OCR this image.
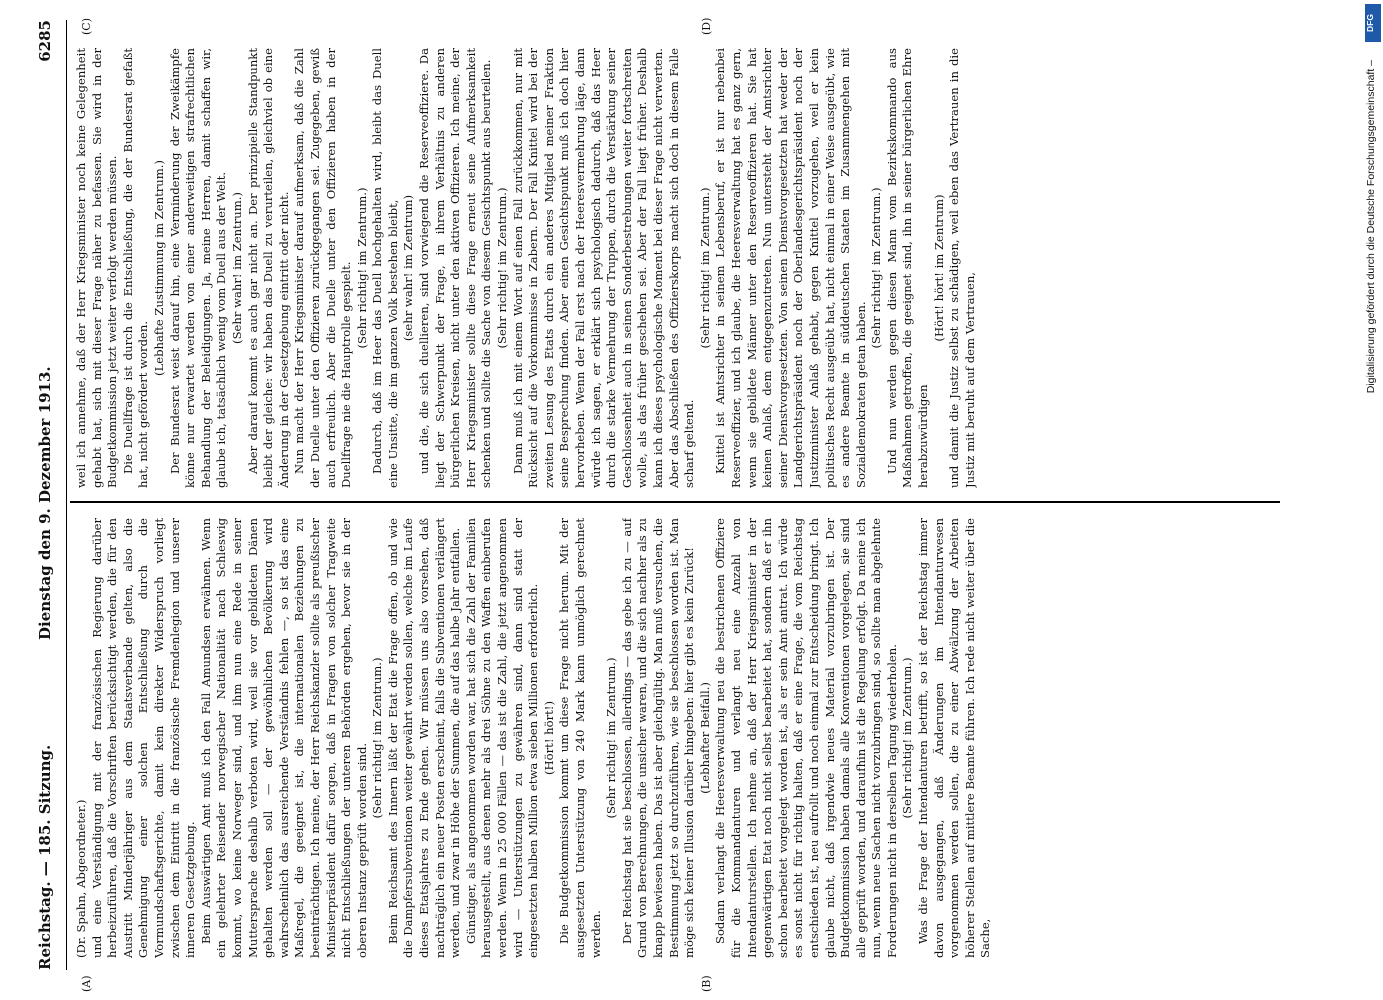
Reichstag. — 185. Sitzung.
Dienstag den 9. Dezember 1913.
6285
(A)	(B)
(C)	(D)

(Dr. Spahn, Abgeordneter.) und eine Verständigung mit der französischen Regierung darüber herbeizuführen, daß die Vorschriften berücksichtigt werden, die für den Austritt Minderjähriger aus dem Staatsverbande gelten, also die Genehmigung einer solchen Entschließung durch die Vormundschaftsgerichte, damit kein direkter Widerspruch vorliegt zwischen dem Eintritt in die französische Fremdenlegion und unserer inneren Gesetzgebung. Beim Auswärtigen Amt muß ich den Fall Amundsen erwähnen. Wenn ein gelehrter Reisender norwegischer Nationalität nach Schleswig kommt, wo keine Norweger sind, und ihm nun eine Rede in seiner Muttersprache deshalb verboten wird, weil sie vor gebildeten Dänen gehalten werden soll — der gewöhnlichen Bevölkerung wird wahrscheinlich das ausreichende Verständnis fehlen —, so ist das eine Maßregel, die geeignet ist, die internationalen Beziehungen zu beeinträchtigen. Ich meine, der Herr Reichskanzler sollte als preußischer Ministerpräsident dafür sorgen, daß in Fragen von solcher Tragweite nicht Entschließungen der unteren Behörden ergehen, bevor sie in der oberen Instanz geprüft worden sind.

(Sehr richtig! im Zentrum.) Beim Reichsamt des Innern läßt der Etat die Frage offen, ob und wie die Dampfersubventionen weiter gewährt werden sollen, welche im Laufe dieses Etatsjahres zu Ende gehen. Wir müssen uns also vorsehen, daß nachträglich ein neuer Posten erscheint, falls die Subventionen verlängert werden, und zwar in Höhe der Summen, die auf das halbe Jahr entfallen. Günstiger, als angenommen worden war, hat sich die Zahl der Familien herausgestellt, aus denen mehr als drei Söhne zu den Waffen einberufen werden. Wenn in 25 000 Fällen — das ist die Zahl, die jetzt angenommen wird — Unterstützungen zu gewähren sind, dann sind statt der eingesetzten halben Million etwa sieben Millionen erforderlich. (Hört! hört!) Die Budgetkommission kommt um diese Frage nicht herum. Mit der ausgesetzten Unterstützung von 240 Mark kann unmöglich gerechnet werden.

(Sehr richtig! im Zentrum.) Der Reichstag hat sie beschlossen, allerdings — das gebe ich zu — auf Grund von Berechnungen, die unsicher waren, und die sich nachher als zu knapp bewiesen haben. Das ist aber gleichgültig. Man muß versuchen, die Bestimmung jetzt so durchzuführen, wie sie beschlossen worden ist. Man möge sich keiner Illusion darüber hingeben: hier gibt es kein Zurück! (Lebhafter Beifall.) Sodann verlangt die Heeresverwaltung neu die bestrichenen Offiziere für die Kommandanturen und verlangt neu eine Anzahl von Intendanturstellen. Ich nehme an, daß der Herr Kriegsminister in der gegenwärtigen Etat noch nicht selbst bearbeitet hat, sondern daß er ihn schon bearbeitet vorgelegt worden ist, als er sein Amt antrat. Ich würde es sonst nicht für richtig halten, daß er eine Frage, die vom Reichstag entschieden ist, neu aufrollt und noch einmal zur Entscheidung bringt. Ich glaube nicht, daß irgendwie neues Material vorzubringen ist. Der Budgetkommission haben damals alle Konventionen vorgelegen, sie sind alle geprüft worden, und daraufhin ist die Regelung erfolgt. Da meine ich nun, wenn neue Sachen nicht vorzubringen sind, so sollte man abgelehnte Forderungen nicht in derselben Tagung wiederholen. (Sehr richtig! im Zentrum.) Was die Frage der Intendanturen betrifft, so ist der Reichstag immer davon ausgegangen, daß Änderungen im Intendanturwesen vorgenommen werden sollen, die zu einer Abwälzung der Arbeiten höherer Stellen auf mittlere Beamte führen. Ich rede nicht weiter über die Sache,

weil ich annehme, daß der Herr Kriegsminister noch keine Gelegenheit gehabt hat, sich mit dieser Frage näher zu befassen. Sie wird in der Budgetkommission jetzt weiter verfolgt werden müssen. Die Duellfrage ist durch die Entschließung, die der Bundesrat gefaßt hat, nicht gefördert worden.

(Lebhafte Zustimmung im Zentrum.) Der Bundesrat weist darauf hin, eine Verminderung der Zweikämpfe könne nur erwartet werden von einer anderweitigen strafrechtlichen Behandlung der Beleidigungen. Ja, meine Herren, damit schaffen wir, glaube ich, tatsächlich wenig vom Duell aus der Welt. (Sehr wahr! im Zentrum.) Aber darauf kommt es auch gar nicht an. Der prinzipielle Standpunkt bleibt der gleiche: wir haben das Duell zu verurteilen, gleichviel ob eine Änderung in der Gesetzgebung eintritt oder nicht. Nun macht der Herr Kriegsminister darauf aufmerksam, daß die Zahl der Duelle unter den Offizieren zurückgegangen sei. Zugegeben, gewiß auch erfreulich. Aber die Duelle unter den Offizieren haben in der Duellfrage nie die Hauptrolle gespielt. (Sehr richtig! im Zentrum.) Dadurch, daß im Heer das Duell hochgehalten wird, bleibt das Duell eine Unsitte, die im ganzen Volk bestehen bleibt, (sehr wahr! im Zentrum) und die, die sich duellieren, sind vorwiegend die Reserveoffiziere. Da liegt der Schwerpunkt der Frage, in ihrem Verhältnis zu anderen bürgerlichen Kreisen, nicht unter den aktiven Offizieren. Ich meine, der Herr Kriegsminister sollte diese Frage erneut seine Aufmerksamkeit schenken und sollte die Sache von diesem Gesichtspunkt aus beurteilen. (Sehr richtig! im Zentrum.) Dann muß ich mit einem Wort auf einen Fall zurückkommen, nur mit Rücksicht auf die Vorkommnisse in Zabern. Der Fall Knittel wird bei der zweiten Lesung des Etats durch ein anderes Mitglied meiner Fraktion seine Besprechung finden. Aber einen Gesichtspunkt muß ich doch hier hervorheben. Wenn der Fall erst nach der Heeresvermehrung läge, dann würde ich sagen, er erklärt sich psychologisch dadurch, daß das Heer durch die starke Vermehrung der Truppen, durch die Verstärkung seiner Geschlossenheit auch in seinen Sonderbestrebungen weiter fortschreiten wolle, als das früher geschehen sei. Aber der Fall liegt früher. Deshalb kann ich dieses psychologische Moment bei dieser Frage nicht verwerten. Aber das Abschließen des Offizierskorps macht sich doch in diesem Falle scharf geltend.

(Sehr richtig! im Zentrum.) Knittel ist Amtsrichter in seinem Lebensberuf, er ist nur nebenbei Reserveoffizier, und ich glaube, die Heeresverwaltung hat es ganz gern, wenn sie gebildete Männer unter den Reserveoffizieren hat. Sie hat keinen Anlaß, dem entgegenzutreten. Nun untersteht der Amtsrichter seiner Dienstvorgesetzten. Von seinen Dienstvorgesetzten hat weder der Landgerichtspräsident noch der Oberlandesgerichtspräsident noch der Justizminister Anlaß gehabt, gegen Knittel vorzugehen, weil er kein politisches Recht ausgeübt hat, nicht einmal in einer Weise ausgeübt, wie es andere Beamte in süddeutschen Staaten im Zusammengehen mit Sozialdemokraten getan haben.

(Sehr richtig! im Zentrum.) Und nun werden gegen diesen Mann vom Bezirkskommando aus Maßnahmen getroffen, die geeignet sind, ihn in seiner bürgerlichen Ehre herabzuwürdigen

(Hört! hört! im Zentrum) und damit die Justiz selbst zu schädigen, weil eben das Vertrauen in die Justiz mit beruht auf dem Vertrauen,

DFG
Digitalisierung gefördert durch die Deutsche Forschungsgemeinschaft –
